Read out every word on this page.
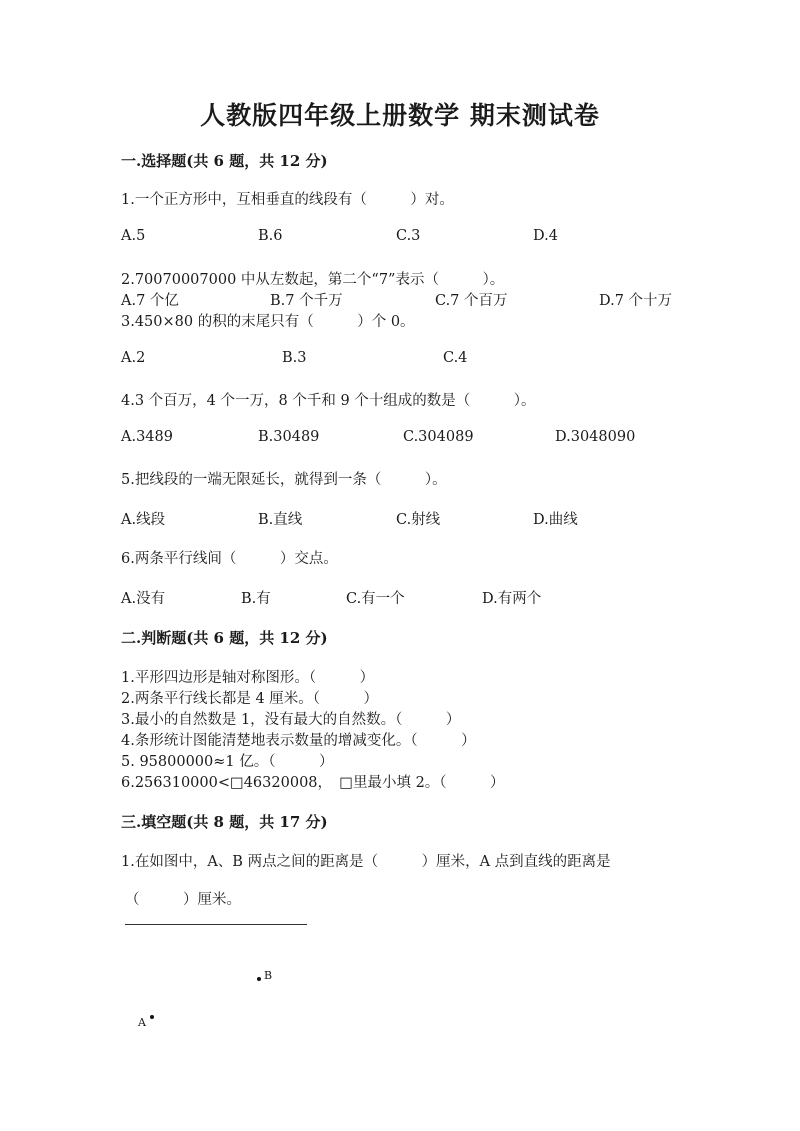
人教版四年级上册数学 期末测试卷
一.选择题(共 6 题，共 12 分)
1.一个正方形中，互相垂直的线段有（　　　）对。
A.5	B.6	C.3	D.4
2.70070007000 中从左数起，第二个“7”表示（　　　）。
A.7 个亿	B.7 个千万	C.7 个百万	D.7 个十万
3.450×80 的积的末尾只有（　　　）个 0。
A.2	B.3	C.4
4.3 个百万，4 个一万，8 个千和 9 个十组成的数是（　　　）。
A.3489	B.30489	C.304089	D.3048090
5.把线段的一端无限延长，就得到一条（　　　）。
A.线段	B.直线	C.射线	D.曲线
6.两条平行线间（　　　）交点。
A.没有	B.有	C.有一个	D.有两个
二.判断题(共 6 题，共 12 分)
1.平形四边形是轴对称图形。（　　　）
2.两条平行线长都是 4 厘米。（　　　）
3.最小的自然数是 1，没有最大的自然数。（　　　）
4.条形统计图能清楚地表示数量的增减变化。（　　　）
5. 95800000≈1 亿。（　　　）
6.256310000<□46320008，　□里最小填 2。（　　　）
三.填空题(共 8 题，共 17 分)
1.在如图中，A、B 两点之间的距离是（　　　）厘米，A 点到直线的距离是
（　　　）厘米。
B
A
